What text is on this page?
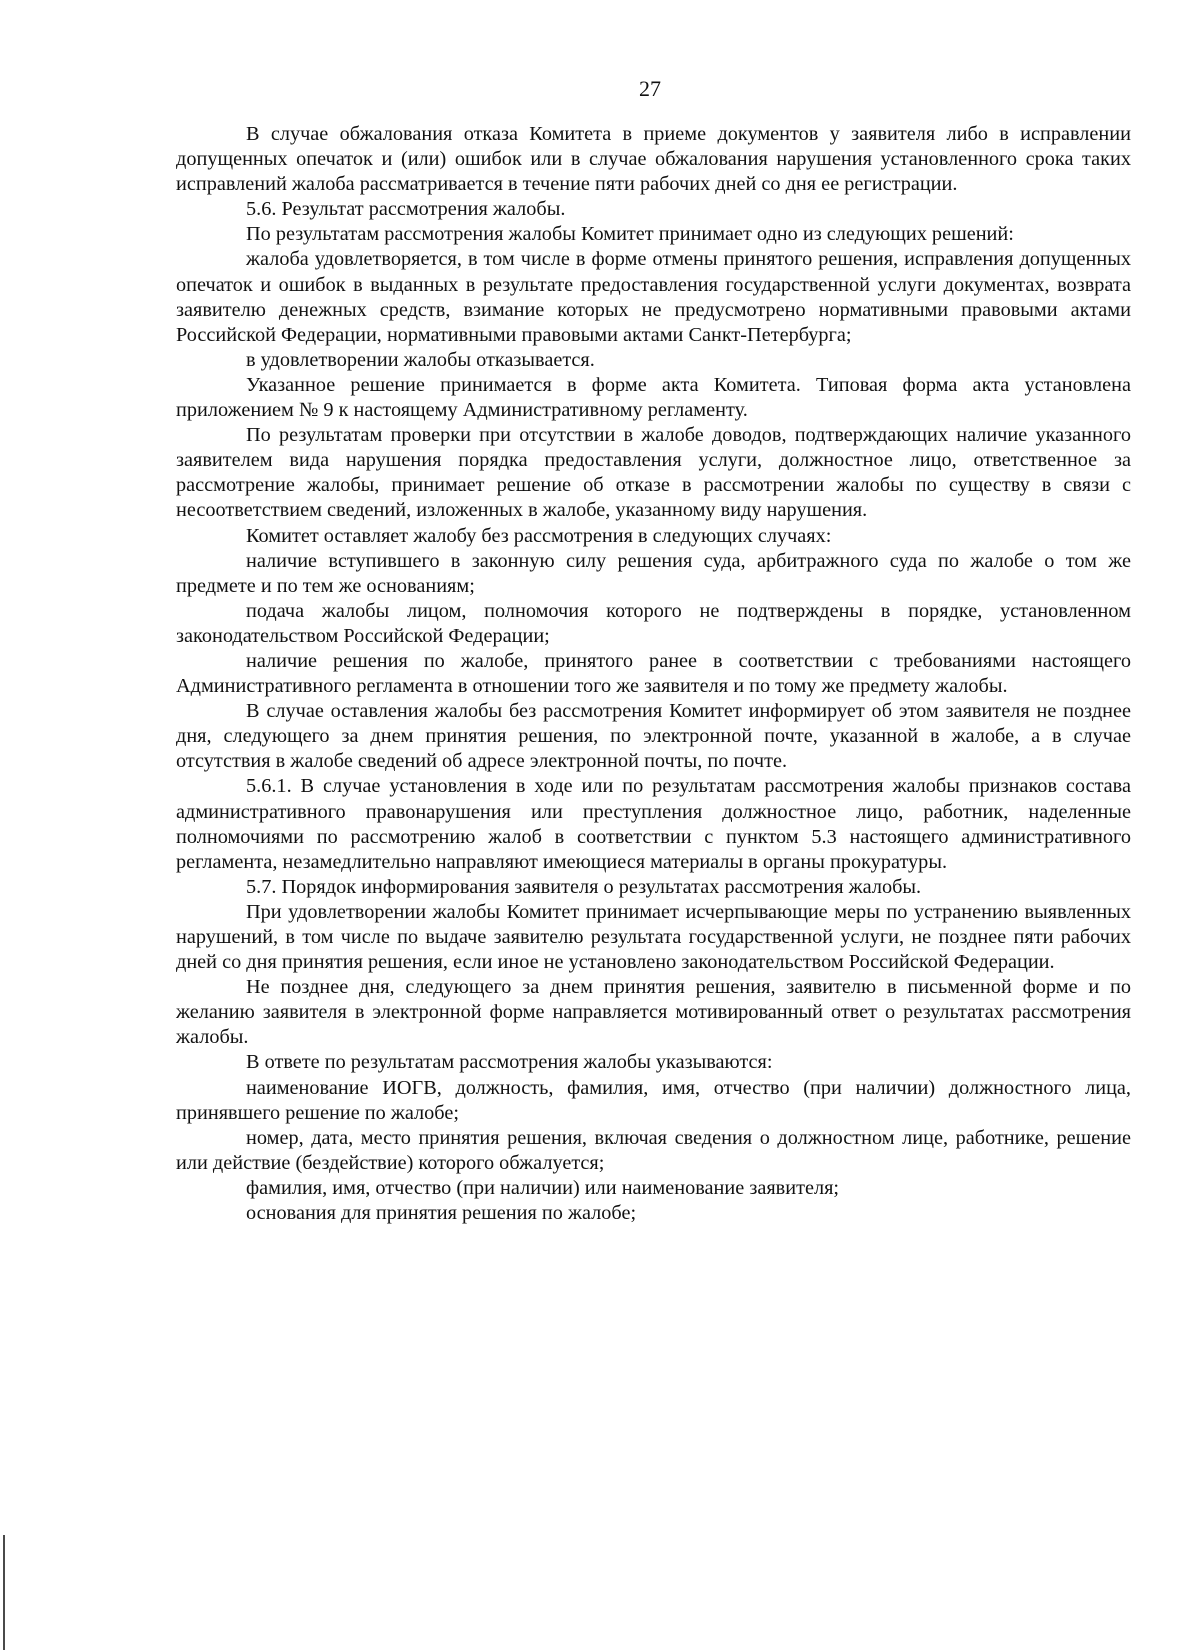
27

В случае обжалования отказа Комитета в приеме документов у заявителя либо в исправлении допущенных опечаток и (или) ошибок или в случае обжалования нарушения установленного срока таких исправлений жалоба рассматривается в течение пяти рабочих дней со дня ее регистрации.

5.6. Результат рассмотрения жалобы.

По результатам рассмотрения жалобы Комитет принимает одно из следующих решений:

жалоба удовлетворяется, в том числе в форме отмены принятого решения, исправления допущенных опечаток и ошибок в выданных в результате предоставления государственной услуги документах, возврата заявителю денежных средств, взимание которых не предусмотрено нормативными правовыми актами Российской Федерации, нормативными правовыми актами Санкт-Петербурга;

в удовлетворении жалобы отказывается.

Указанное решение принимается в форме акта Комитета. Типовая форма акта установлена приложением № 9 к настоящему Административному регламенту.

По результатам проверки при отсутствии в жалобе доводов, подтверждающих наличие указанного заявителем вида нарушения порядка предоставления услуги, должностное лицо, ответственное за рассмотрение жалобы, принимает решение об отказе в рассмотрении жалобы по существу в связи с несоответствием сведений, изложенных в жалобе, указанному виду нарушения.

Комитет оставляет жалобу без рассмотрения в следующих случаях:

наличие вступившего в законную силу решения суда, арбитражного суда по жалобе о том же предмете и по тем же основаниям;

подача жалобы лицом, полномочия которого не подтверждены в порядке, установленном законодательством Российской Федерации;

наличие решения по жалобе, принятого ранее в соответствии с требованиями настоящего Административного регламента в отношении того же заявителя и по тому же предмету жалобы.

В случае оставления жалобы без рассмотрения Комитет информирует об этом заявителя не позднее дня, следующего за днем принятия решения, по электронной почте, указанной в жалобе, а в случае отсутствия в жалобе сведений об адресе электронной почты, по почте.

5.6.1. В случае установления в ходе или по результатам рассмотрения жалобы признаков состава административного правонарушения или преступления должностное лицо, работник, наделенные полномочиями по рассмотрению жалоб в соответствии с пунктом 5.3 настоящего административного регламента, незамедлительно направляют имеющиеся материалы в органы прокуратуры.

5.7. Порядок информирования заявителя о результатах рассмотрения жалобы.

При удовлетворении жалобы Комитет принимает исчерпывающие меры по устранению выявленных нарушений, в том числе по выдаче заявителю результата государственной услуги, не позднее пяти рабочих дней со дня принятия решения, если иное не установлено законодательством Российской Федерации.

Не позднее дня, следующего за днем принятия решения, заявителю в письменной форме и по желанию заявителя в электронной форме направляется мотивированный ответ о результатах рассмотрения жалобы.

В ответе по результатам рассмотрения жалобы указываются:

наименование ИОГВ, должность, фамилия, имя, отчество (при наличии) должностного лица, принявшего решение по жалобе;

номер, дата, место принятия решения, включая сведения о должностном лице, работнике, решение или действие (бездействие) которого обжалуется;

фамилия, имя, отчество (при наличии) или наименование заявителя;

основания для принятия решения по жалобе;
